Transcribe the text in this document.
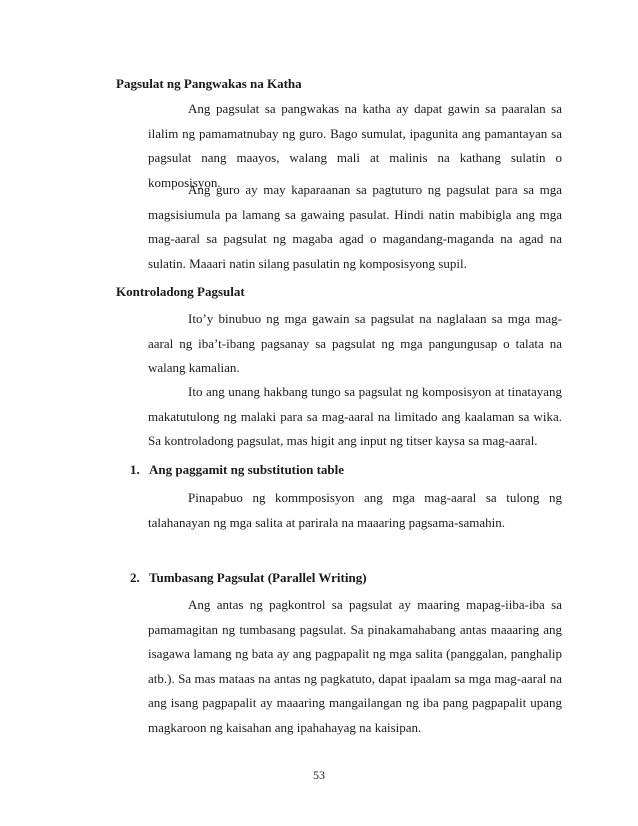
Pagsulat ng Pangwakas na Katha

Ang pagsulat sa pangwakas na katha ay dapat gawin sa paaralan sa ilalim ng pamamatnubay ng guro. Bago sumulat, ipagunita ang pamantayan sa pagsulat nang maayos, walang mali at malinis na kathang sulatin o komposisyon.

Ang guro ay may kaparaanan sa pagtuturo ng pagsulat para sa mga magsisiumula pa lamang sa gawaing pasulat. Hindi natin mabibigla ang mga mag-aaral sa pagsulat ng magaba agad o magandang-maganda na agad na sulatin. Maaari natin silang pasulatin ng komposisyong supil.

Kontroladong Pagsulat

Ito’y binubuo ng mga gawain sa pagsulat na naglalaan sa mga mag-aaral ng iba’t-ibang pagsanay sa pagsulat ng mga pangungusap o talata na walang kamalian.

Ito ang unang hakbang tungo sa pagsulat ng komposisyon at tinatayang makatutulong ng malaki para sa mag-aaral na limitado ang kaalaman sa wika. Sa kontroladong pagsulat, mas higit ang input ng titser kaysa sa mag-aaral.

1. Ang paggamit ng substitution table

Pinapabuo ng kommposisyon ang mga mag-aaral sa tulong ng talahanayan ng mga salita at parirala na maaaring pagsama-samahin.

2. Tumbasang Pagsulat (Parallel Writing)

Ang antas ng pagkontrol sa pagsulat ay maaring mapag-iiba-iba sa pamamagitan ng tumbasang pagsulat. Sa pinakamahabang antas maaaring ang isagawa lamang ng bata ay ang pagpapalit ng mga salita (panggalan, panghalip atb.). Sa mas mataas na antas ng pagkatuto, dapat ipaalam sa mga mag-aaral na ang isang pagpapalit ay maaaring mangailangan ng iba pang pagpapalit upang magkaroon ng kaisahan ang ipahahayag na kaisipan.

53
